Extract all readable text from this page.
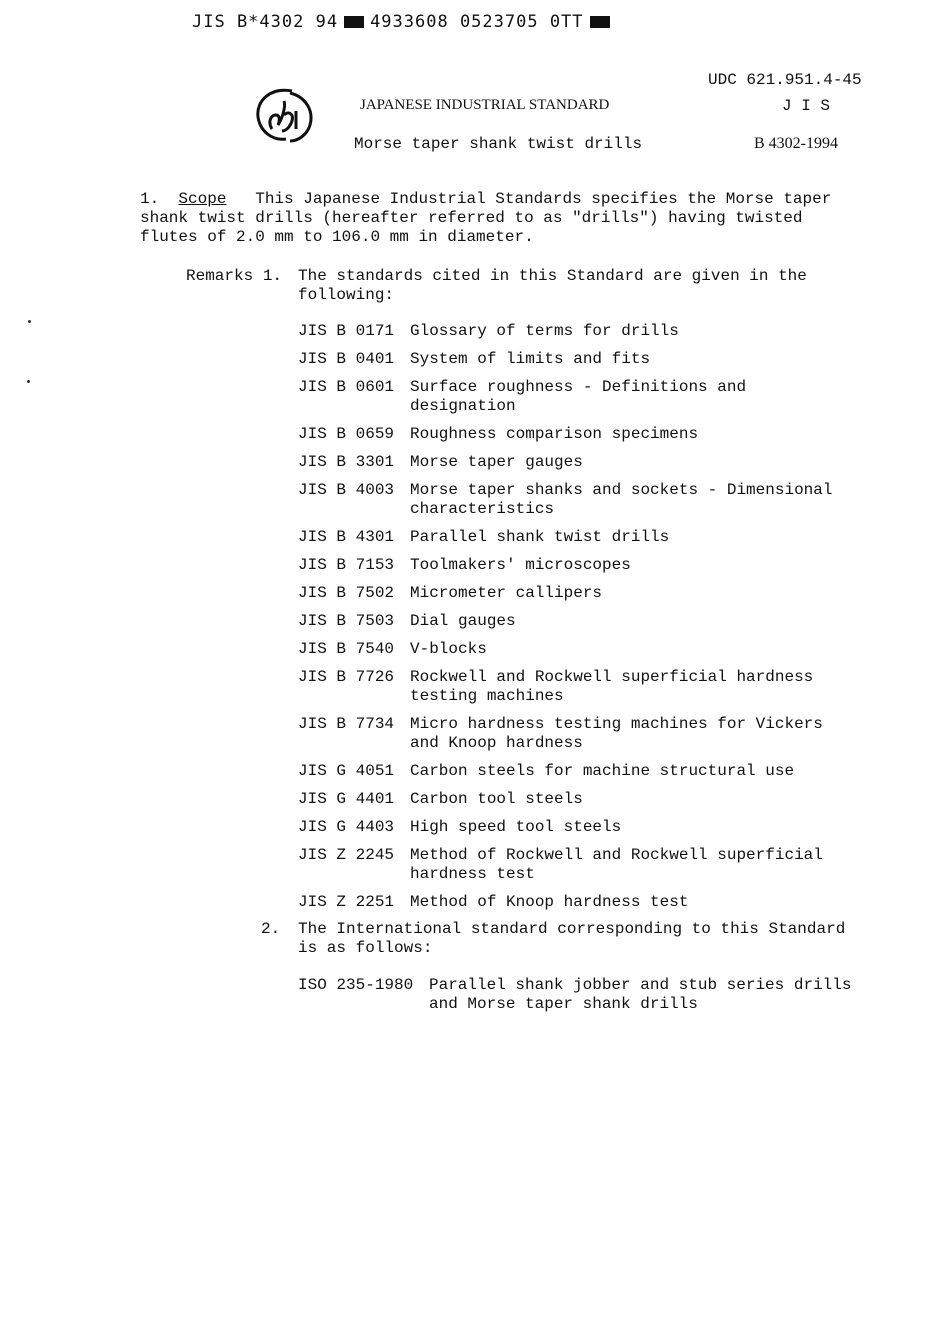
JIS B*4302 94 4933608 0523705 0TT
UDC 621.951.4-45
JAPANESE INDUSTRIAL STANDARD	J I S
Morse taper shank twist drills	B 4302-1994
1. Scope This Japanese Industrial Standards specifies the Morse taper shank twist drills (hereafter referred to as "drills") having twisted flutes of 2.0 mm to 106.0 mm in diameter.
Remarks 1. The standards cited in this Standard are given in the following:
JIS B 0171 Glossary of terms for drills
JIS B 0401 System of limits and fits
JIS B 0601 Surface roughness - Definitions and designation
JIS B 0659 Roughness comparison specimens
JIS B 3301 Morse taper gauges
JIS B 4003 Morse taper shanks and sockets - Dimensional characteristics
JIS B 4301 Parallel shank twist drills
JIS B 7153 Toolmakers' microscopes
JIS B 7502 Micrometer callipers
JIS B 7503 Dial gauges
JIS B 7540 V-blocks
JIS B 7726 Rockwell and Rockwell superficial hardness testing machines
JIS B 7734 Micro hardness testing machines for Vickers and Knoop hardness
JIS G 4051 Carbon steels for machine structural use
JIS G 4401 Carbon tool steels
JIS G 4403 High speed tool steels
JIS Z 2245 Method of Rockwell and Rockwell superficial hardness test
JIS Z 2251 Method of Knoop hardness test
2. The International standard corresponding to this Standard is as follows:
ISO 235-1980 Parallel shank jobber and stub series drills and Morse taper shank drills
